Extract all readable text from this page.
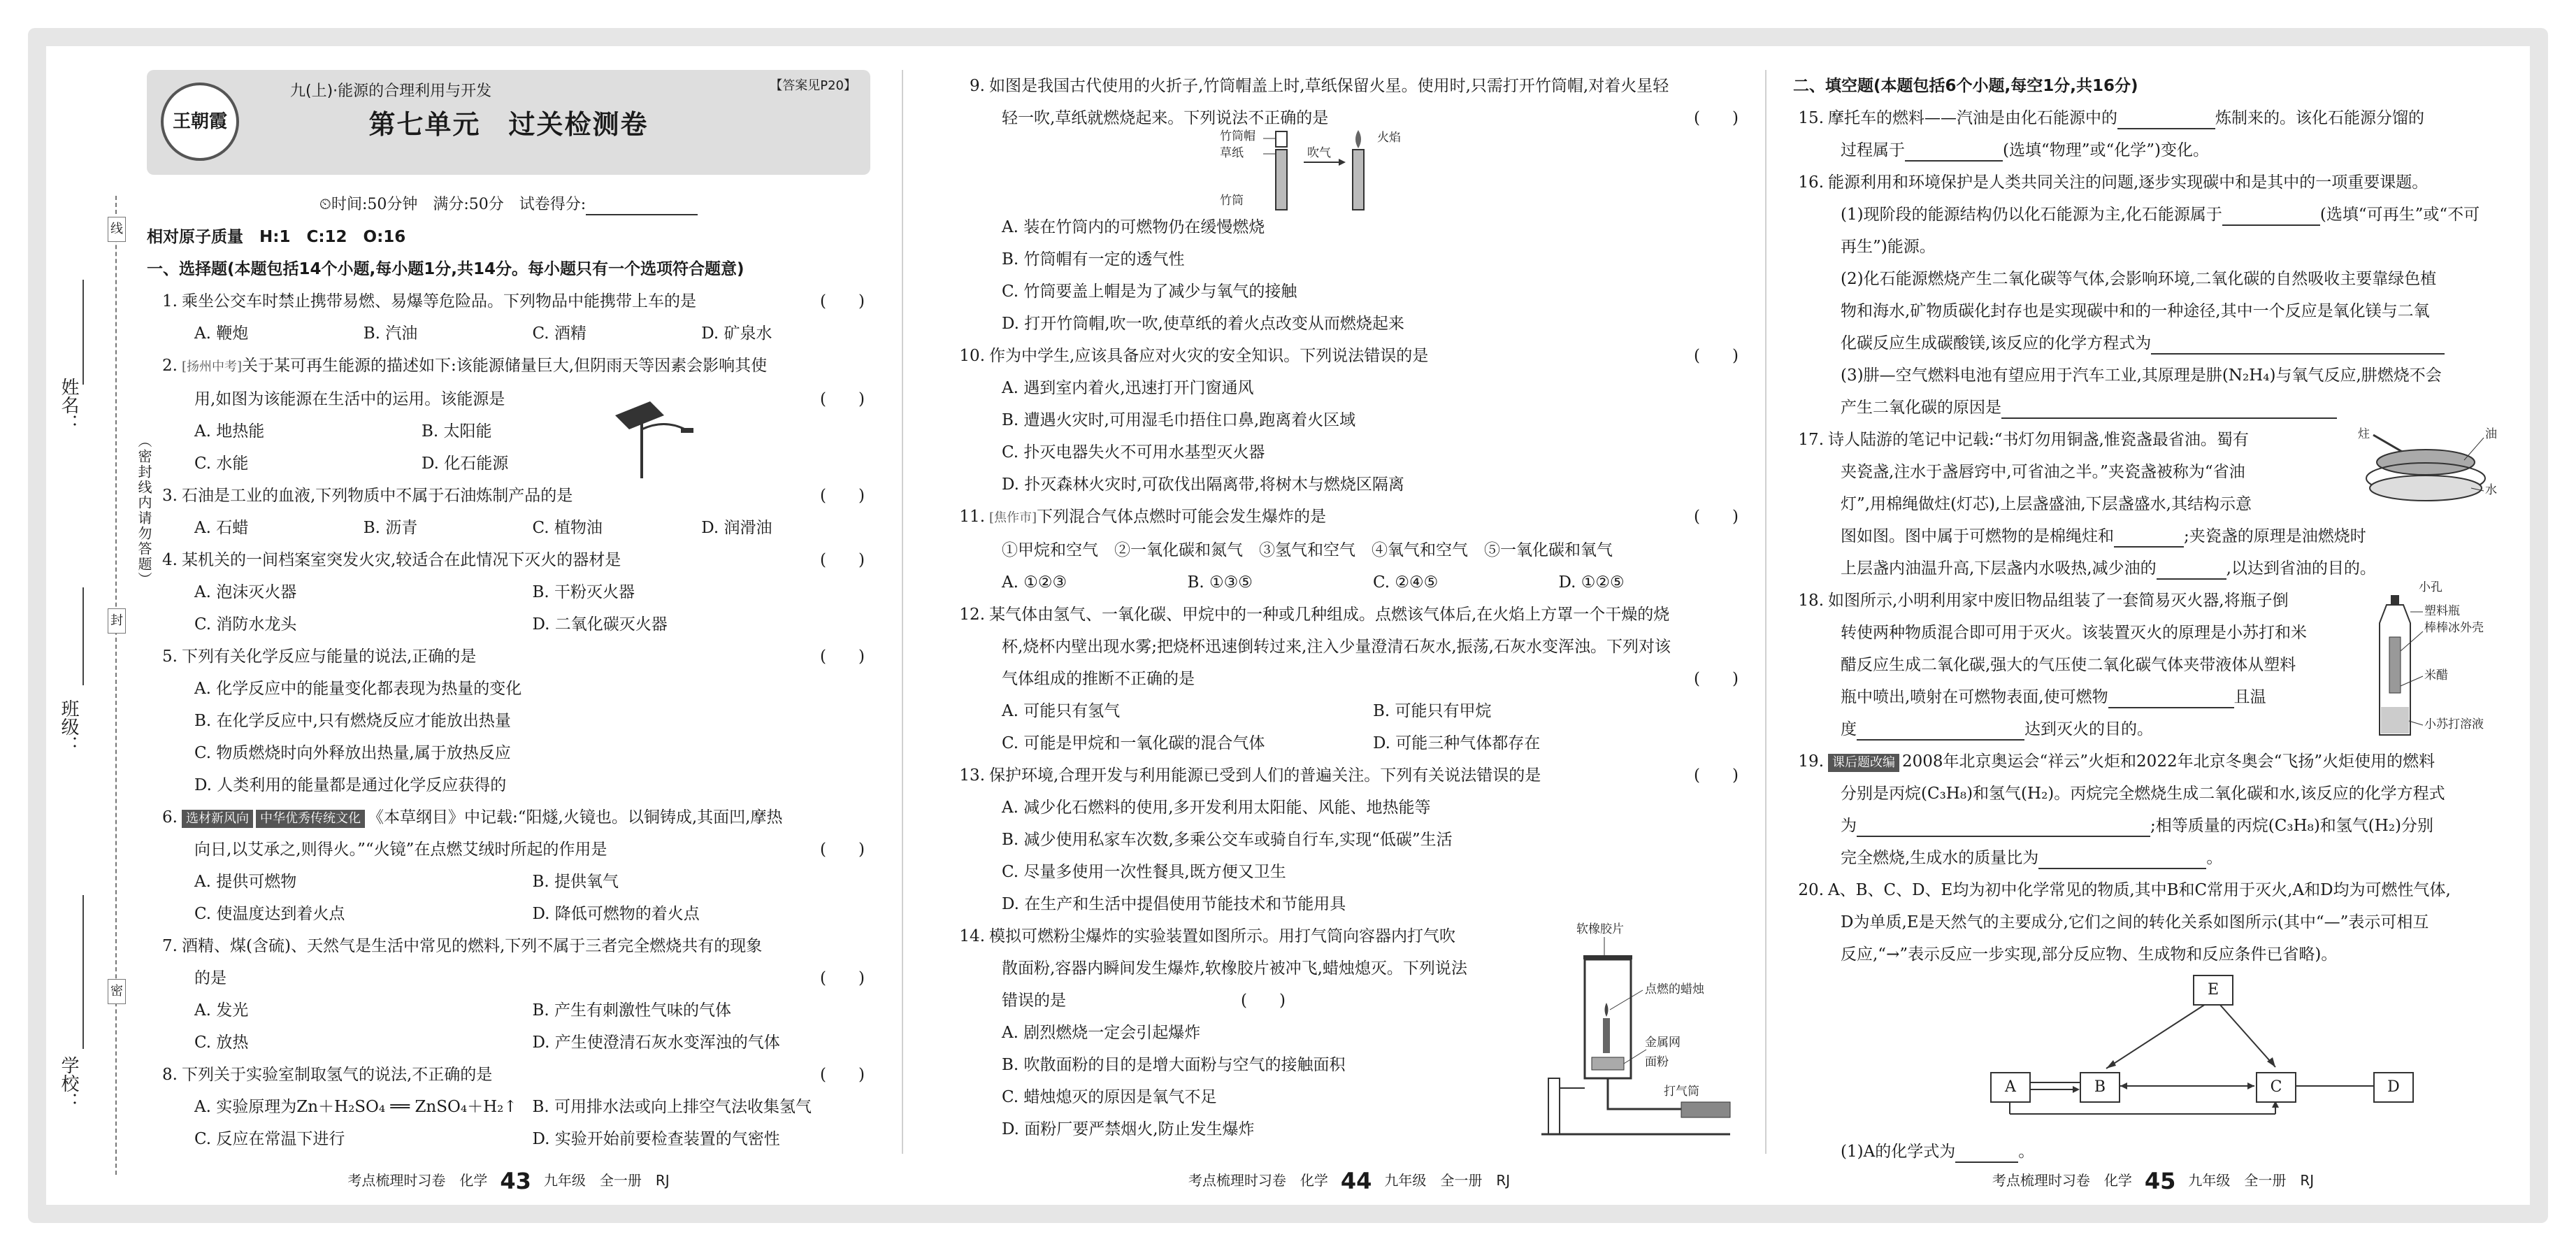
线
封
密
姓名：
班级：
学校：
（密封线内请勿答题）
王朝霞
九(上)·能源的合理利用与开发	【答案见P20】
第七单元　过关检测卷
⏲时间:50分钟　满分:50分　试卷得分:
相对原子质量　H:1　C:12　O:16
一、选择题(本题包括14个小题,每小题1分,共14分。每小题只有一个选项符合题意)
1. 乘坐公交车时禁止携带易燃、易爆等危险品。下列物品中能携带上车的是	(　　)
A. 鞭炮	B. 汽油	C. 酒精	D. 矿泉水
2. [扬州中考]关于某可再生能源的描述如下:该能源储量巨大,但阴雨天等因素会影响其使
用,如图为该能源在生活中的运用。该能源是	(　　)
A. 地热能	B. 太阳能
C. 水能	D. 化石能源
3. 石油是工业的血液,下列物质中不属于石油炼制产品的是	(　　)
A. 石蜡	B. 沥青	C. 植物油	D. 润滑油
4. 某机关的一间档案室突发火灾,较适合在此情况下灭火的器材是	(　　)
A. 泡沫灭火器	B. 干粉灭火器
C. 消防水龙头	D. 二氧化碳灭火器
5. 下列有关化学反应与能量的说法,正确的是	(　　)
A. 化学反应中的能量变化都表现为热量的变化
B. 在化学反应中,只有燃烧反应才能放出热量
C. 物质燃烧时向外释放出热量,属于放热反应
D. 人类利用的能量都是通过化学反应获得的
6. 选材新风向 中华优秀传统文化 《本草纲目》中记载:“阳燧,火镜也。以铜铸成,其面凹,摩热
向日,以艾承之,则得火。”“火镜”在点燃艾绒时所起的作用是	(　　)
A. 提供可燃物	B. 提供氧气
C. 使温度达到着火点	D. 降低可燃物的着火点
7. 酒精、煤(含硫)、天然气是生活中常见的燃料,下列不属于三者完全燃烧共有的现象
的是	(　　)
A. 发光	B. 产生有刺激性气味的气体
C. 放热	D. 产生使澄清石灰水变浑浊的气体
8. 下列关于实验室制取氢气的说法,不正确的是	(　　)
A. 实验原理为Zn＋H₂SO₄ ══ ZnSO₄＋H₂↑ B. 可用排水法或向上排空气法收集氢气
C. 反应在常温下进行	D. 实验开始前要检查装置的气密性
考点梳理时习卷　化学 43 九年级　全一册　RJ
9. 如图是我国古代使用的火折子,竹筒帽盖上时,草纸保留火星。使用时,只需打开竹筒帽,对着火星轻
轻一吹,草纸就燃烧起来。下列说法不正确的是	(　　)
竹筒帽
草纸
竹筒
吹气
火焰
A. 装在竹筒内的可燃物仍在缓慢燃烧
B. 竹筒帽有一定的透气性
C. 竹筒要盖上帽是为了减少与氧气的接触
D. 打开竹筒帽,吹一吹,使草纸的着火点改变从而燃烧起来
10. 作为中学生,应该具备应对火灾的安全知识。下列说法错误的是	(　　)
A. 遇到室内着火,迅速打开门窗通风
B. 遭遇火灾时,可用湿毛巾捂住口鼻,跑离着火区域
C. 扑灭电器失火不可用水基型灭火器
D. 扑灭森林火灾时,可砍伐出隔离带,将树木与燃烧区隔离
11. [焦作市]下列混合气体点燃时可能会发生爆炸的是	(　　)
①甲烷和空气　②一氧化碳和氮气　③氢气和空气　④氧气和空气　⑤一氧化碳和氧气
A. ①②③	B. ①③⑤	C. ②④⑤	D. ①②⑤
12. 某气体由氢气、一氧化碳、甲烷中的一种或几种组成。点燃该气体后,在火焰上方罩一个干燥的烧
杯,烧杯内壁出现水雾;把烧杯迅速倒转过来,注入少量澄清石灰水,振荡,石灰水变浑浊。下列对该
气体组成的推断不正确的是	(　　)
A. 可能只有氢气	B. 可能只有甲烷
C. 可能是甲烷和一氧化碳的混合气体	D. 可能三种气体都存在
13. 保护环境,合理开发与利用能源已受到人们的普遍关注。下列有关说法错误的是	(　　)
A. 减少化石燃料的使用,多开发利用太阳能、风能、地热能等
B. 减少使用私家车次数,多乘公交车或骑自行车,实现“低碳”生活
C. 尽量多使用一次性餐具,既方便又卫生
D. 在生产和生活中提倡使用节能技术和节能用具
14. 模拟可燃粉尘爆炸的实验装置如图所示。用打气筒向容器内打气吹
散面粉,容器内瞬间发生爆炸,软橡胶片被冲飞,蜡烛熄灭。下列说法
错误的是	(　　)
A. 剧烈燃烧一定会引起爆炸
B. 吹散面粉的目的是增大面粉与空气的接触面积
C. 蜡烛熄灭的原因是氧气不足
D. 面粉厂要严禁烟火,防止发生爆炸
软橡胶片
点燃的蜡烛
金属网
面粉
打气筒
考点梳理时习卷　化学 44 九年级　全一册　RJ
二、填空题(本题包括6个小题,每空1分,共16分)
15. 摩托车的燃料——汽油是由化石能源中的	炼制来的。该化石能源分馏的
过程属于	(选填“物理”或“化学”)变化。
16. 能源利用和环境保护是人类共同关注的问题,逐步实现碳中和是其中的一项重要课题。
(1)现阶段的能源结构仍以化石能源为主,化石能源属于	(选填“可再生”或“不可
再生”)能源。
(2)化石能源燃烧产生二氧化碳等气体,会影响环境,二氧化碳的自然吸收主要靠绿色植
物和海水,矿物质碳化封存也是实现碳中和的一种途径,其中一个反应是氧化镁与二氧
化碳反应生成碳酸镁,该反应的化学方程式为
(3)肼—空气燃料电池有望应用于汽车工业,其原理是肼(N₂H₄)与氧气反应,肼燃烧不会
产生二氧化碳的原因是
17. 诗人陆游的笔记中记载:“书灯勿用铜盏,惟瓷盏最省油。蜀有
夹瓷盏,注水于盏唇窍中,可省油之半。”夹瓷盏被称为“省油
灯”,用棉绳做炷(灯芯),上层盏盛油,下层盏盛水,其结构示意
图如图。图中属于可燃物的是棉绳炷和	;夹瓷盏的原理是油燃烧时
上层盏内油温升高,下层盏内水吸热,减少油的	,以达到省油的目的。
炷	油
水
18. 如图所示,小明利用家中废旧物品组装了一套简易灭火器,将瓶子倒
转使两种物质混合即可用于灭火。该装置灭火的原理是小苏打和米
醋反应生成二氧化碳,强大的气压使二氧化碳气体夹带液体从塑料
瓶中喷出,喷射在可燃物表面,使可燃物	且温
度	达到灭火的目的。
小孔
塑料瓶
棒棒冰外壳
米醋
小苏打溶液
19. 课后题改编 2008年北京奥运会“祥云”火炬和2022年北京冬奥会“飞扬”火炬使用的燃料
分别是丙烷(C₃H₈)和氢气(H₂)。丙烷完全燃烧生成二氧化碳和水,该反应的化学方程式
为	;相等质量的丙烷(C₃H₈)和氢气(H₂)分别
完全燃烧,生成水的质量比为	。
20. A、B、C、D、E均为初中化学常见的物质,其中B和C常用于灭火,A和D均为可燃性气体,
D为单质,E是天然气的主要成分,它们之间的转化关系如图所示(其中“—”表示可相互
反应,“→”表示反应一步实现,部分反应物、生成物和反应条件已省略)。
E
A	B	C	D
(1)A的化学式为	。
考点梳理时习卷　化学 45 九年级　全一册　RJ
